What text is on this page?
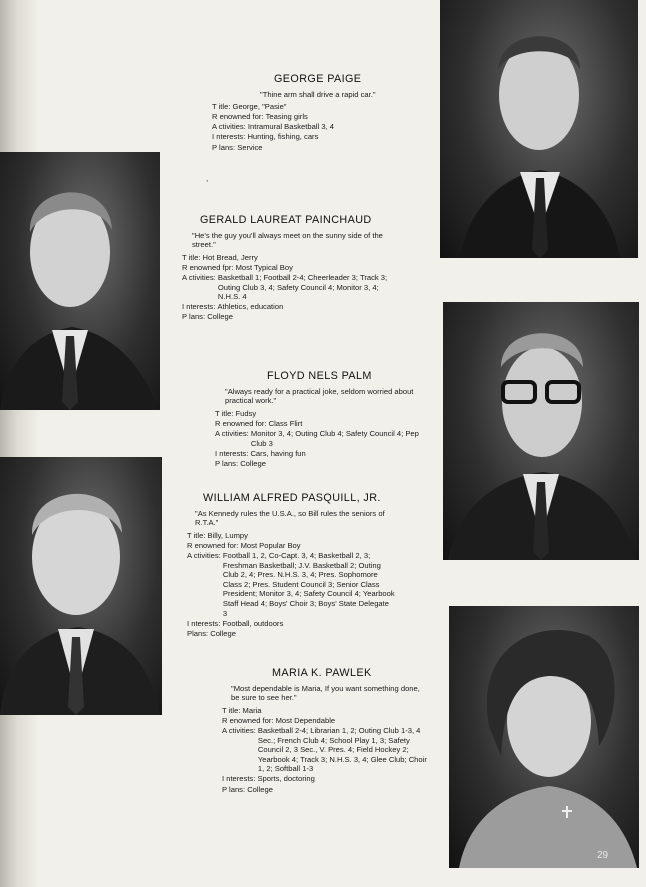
GEORGE PAIGE
"Thine arm shall drive a rapid car."
T itle: George, "Pasie"
R enowned for: Teasing girls
A ctivities: Intramural Basketball 3, 4
I nterests: Hunting, fishing, cars
P lans: Service
,
GERALD LAUREAT PAINCHAUD
"He's the guy you'll always meet on the sunny side of the street."
T itle: Hot Bread, Jerry
R enowned fpr: Most Typical Boy
A ctivities: Basketball 1; Football 2-4; Cheerleader 3; Track 3; Outing Club 3, 4; Safety Council 4; Monitor 3, 4; N.H.S. 4
I nterests: Athletics, education
P lans: College
FLOYD NELS PALM
"Always ready for a practical joke, seldom worried about practical work."
T itle: Fudsy
R enowned for: Class Flirt
A ctivities: Monitor 3, 4; Outing Club 4; Safety Council 4; Pep Club 3
I nterests: Cars, having fun
P lans: College
WILLIAM ALFRED PASQUILL, JR.
"As Kennedy rules the U.S.A., so Bill rules the seniors of R.T.A."
T itle: Billy, Lumpy
R enowned for: Most Popular Boy
A ctivities: Football 1, 2, Co-Capt. 3, 4; Basketball 2, 3; Freshman Basketball; J.V. Basketball 2; Outing Club 2, 4; Pres. N.H.S. 3, 4; Pres. Sophomore Class 2; Pres. Student Council 3; Senior Class President; Monitor 3, 4; Safety Council 4; Yearbook Staff Head 4; Boys' Choir 3; Boys' State Delegate 3
I nterests: Football, outdoors
Plans: College
MARIA K. PAWLEK
"Most dependable is Maria, If you want something done, be sure to see her."
T itle: Maria
R enowned for: Most Dependable
A ctivities: Basketball 2-4; Librarian 1, 2; Outing Club 1-3, 4 Sec.; French Club 4; School Play 1, 3; Safety Council 2, 3 Sec., V. Pres. 4; Field Hockey 2; Yearbook 4; Track 3; N.H.S. 3, 4; Glee Club; Choir 1, 2; Softball 1-3
I nterests: Sports, doctoring
P lans: College
29
